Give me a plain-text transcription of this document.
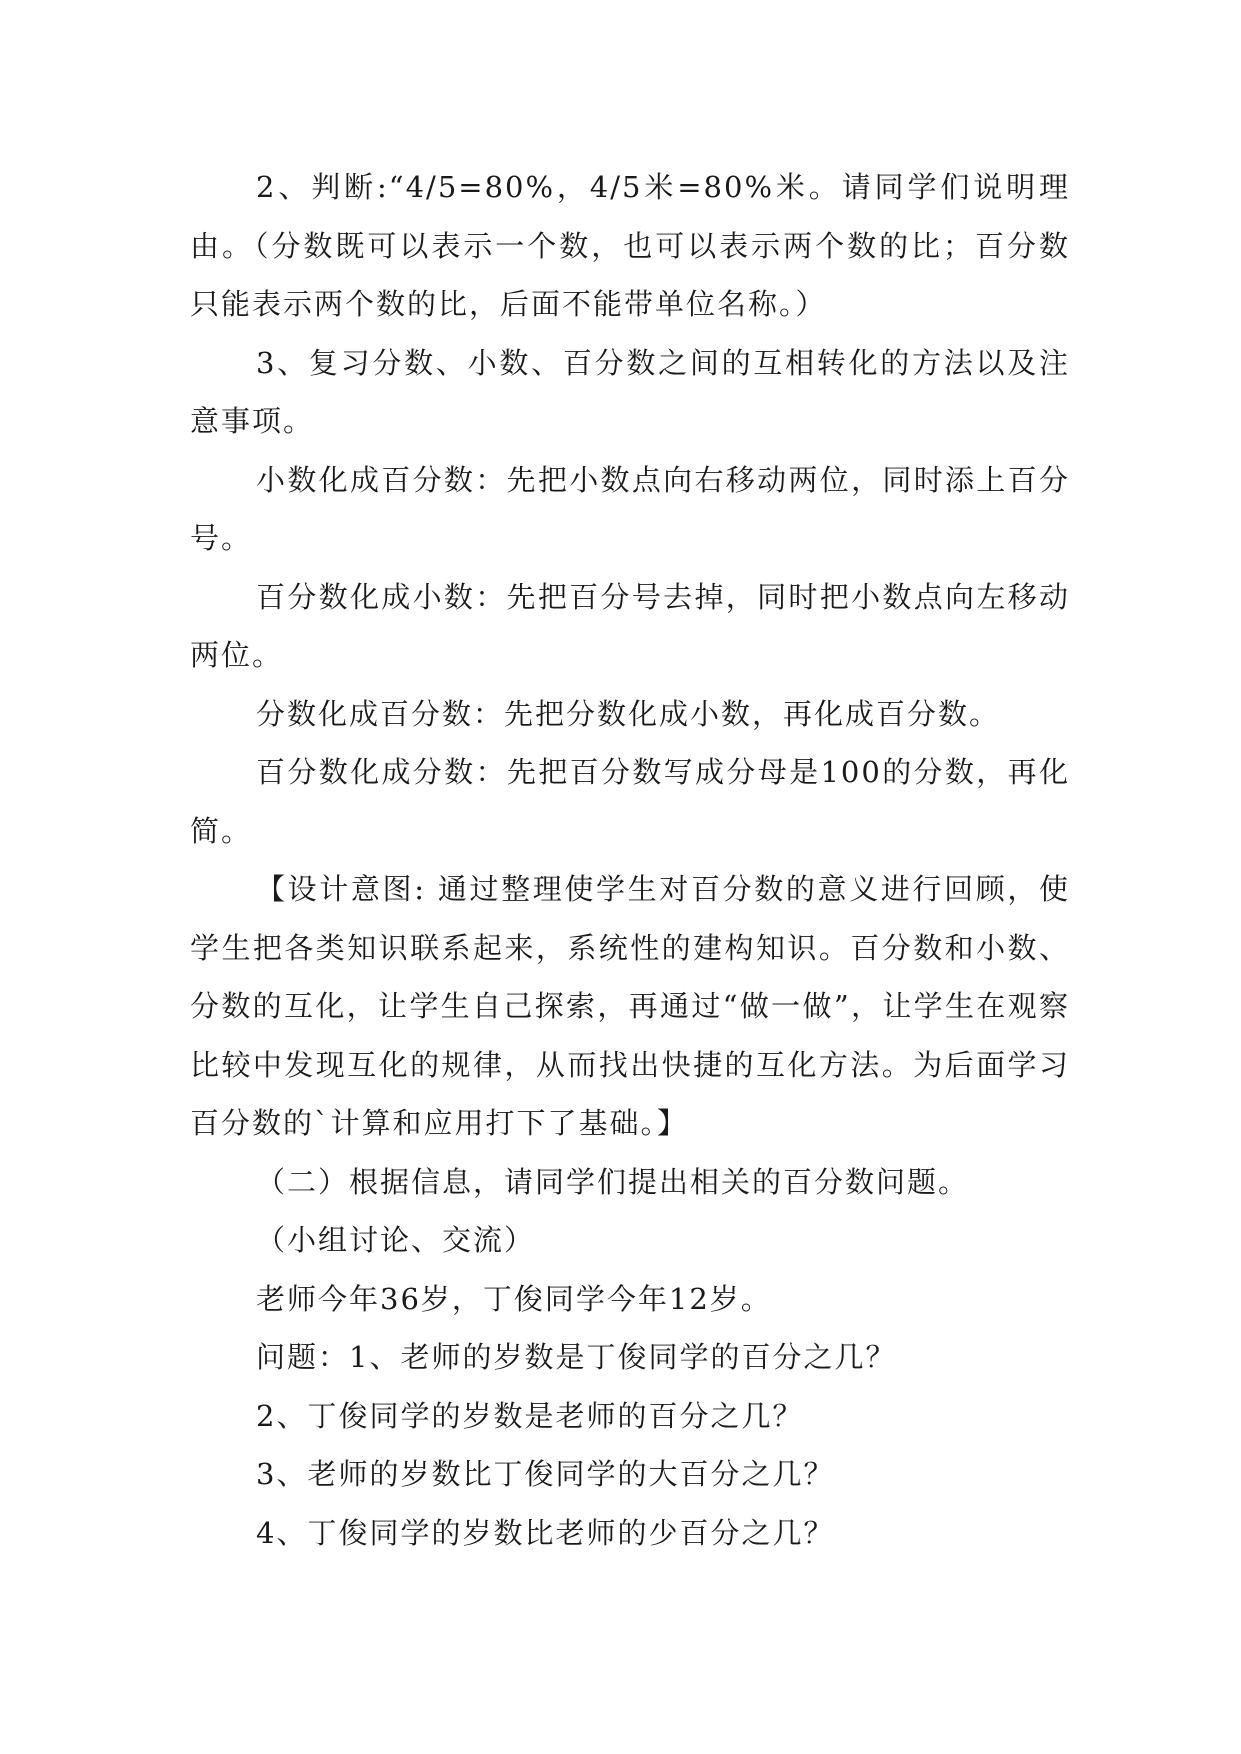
2、判断:“4/5=80%，4/5米=80%米。请同学们说明理由。（分数既可以表示一个数，也可以表示两个数的比；百分数只能表示两个数的比，后面不能带单位名称。）

3、复习分数、小数、百分数之间的互相转化的方法以及注意事项。

小数化成百分数：先把小数点向右移动两位，同时添上百分号。

百分数化成小数：先把百分号去掉，同时把小数点向左移动两位。

分数化成百分数：先把分数化成小数，再化成百分数。

百分数化成分数：先把百分数写成分母是100的分数，再化简。

【设计意图: 通过整理使学生对百分数的意义进行回顾，使学生把各类知识联系起来，系统性的建构知识。百分数和小数、分数的互化，让学生自己探索，再通过“做一做”，让学生在观察比较中发现互化的规律，从而找出快捷的互化方法。为后面学习百分数的`计算和应用打下了基础。】

（二）根据信息，请同学们提出相关的百分数问题。

（小组讨论、交流）

老师今年36岁，丁俊同学今年12岁。

问题：1、老师的岁数是丁俊同学的百分之几？

2、丁俊同学的岁数是老师的百分之几？

3、老师的岁数比丁俊同学的大百分之几？

4、丁俊同学的岁数比老师的少百分之几？
